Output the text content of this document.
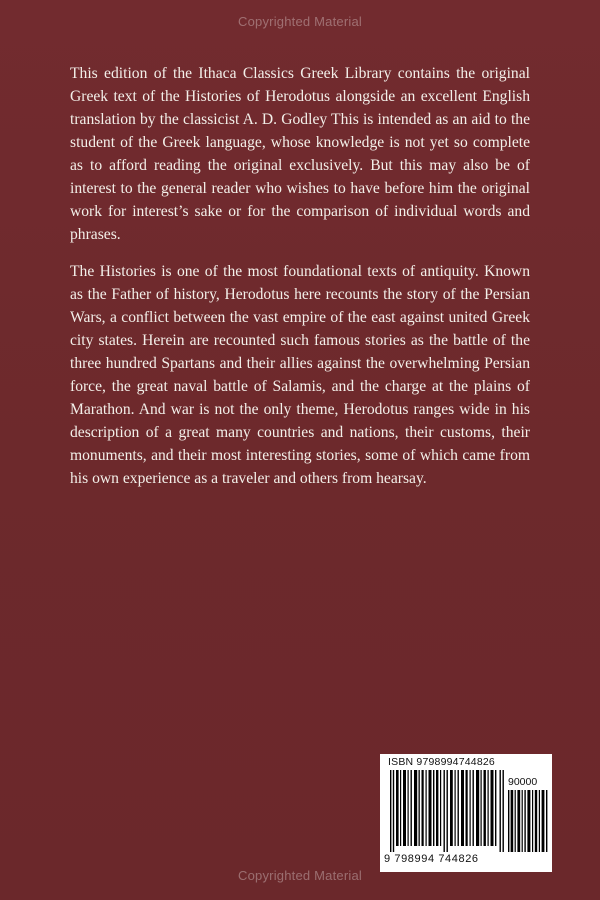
Copyrighted Material
This edition of the Ithaca Classics Greek Library contains the original Greek text of the Histories of Herodotus alongside an excellent English translation by the classicist A. D. Godley This is intended as an aid to the student of the Greek language, whose knowledge is not yet so complete as to afford reading the original exclusively. But this may also be of interest to the general reader who wishes to have before him the original work for interest’s sake or for the comparison of individual words and phrases.
The Histories is one of the most foundational texts of antiquity. Known as the Father of history, Herodotus here recounts the story of the Persian Wars, a conflict between the vast empire of the east against united Greek city states. Herein are recounted such famous stories as the battle of the three hundred Spartans and their allies against the overwhelming Persian force, the great naval battle of Salamis, and the charge at the plains of Marathon. And war is not the only theme, Herodotus ranges wide in his description of a great many countries and nations, their customs, their monuments, and their most interesting stories, some of which came from his own experience as a traveler and others from hearsay.
ISBN 9798994744826
90000
9 798994 744826
Copyrighted Material
